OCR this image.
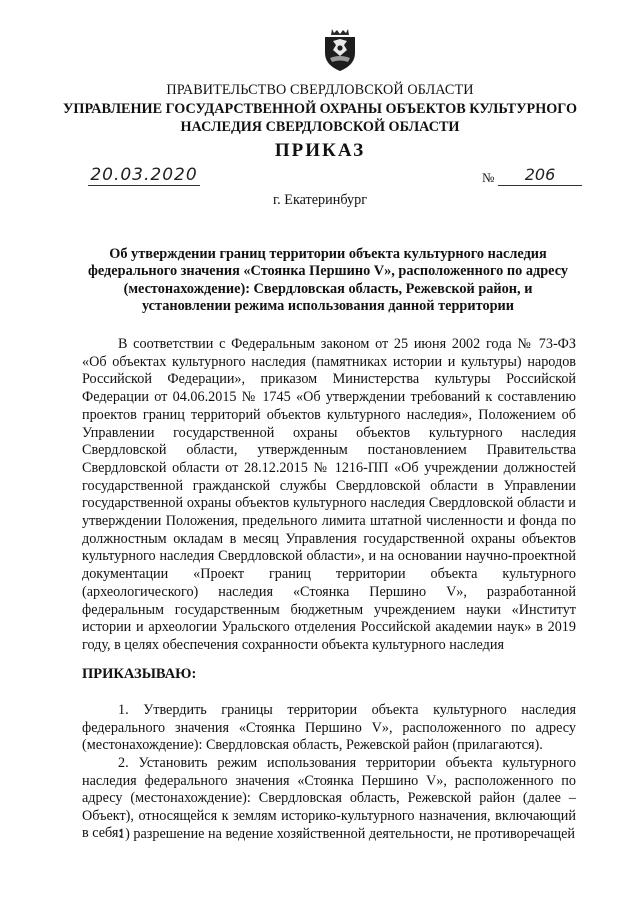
ПРАВИТЕЛЬСТВО СВЕРДЛОВСКОЙ ОБЛАСТИ
УПРАВЛЕНИЕ ГОСУДАРСТВЕННОЙ ОХРАНЫ ОБЪЕКТОВ КУЛЬТУРНОГО НАСЛЕДИЯ СВЕРДЛОВСКОЙ ОБЛАСТИ
ПРИКАЗ
20.03.2020	№	206
г. Екатеринбург
Об утверждении границ территории объекта культурного наследия федерального значения «Стоянка Першино V», расположенного по адресу (местонахождение): Свердловская область, Режевской район, и установлении режима использования данной территории

В соответствии с Федеральным законом от 25 июня 2002 года № 73-ФЗ «Об объектах культурного наследия (памятниках истории и культуры) народов Российской Федерации», приказом Министерства культуры Российской Федерации от 04.06.2015 № 1745 «Об утверждении требований к составлению проектов границ территорий объектов культурного наследия», Положением об Управлении государственной охраны объектов культурного наследия Свердловской области, утвержденным постановлением Правительства Свердловской области от 28.12.2015 № 1216-ПП «Об учреждении должностей государственной гражданской службы Свердловской области в Управлении государственной охраны объектов культурного наследия Свердловской области и утверждении Положения, предельного лимита штатной численности и фонда по должностным окладам в месяц Управления государственной охраны объектов культурного наследия Свердловской области», и на основании научно-проектной документации «Проект границ территории объекта культурного (археологического) наследия «Стоянка Першино V», разработанной федеральным государственным бюджетным учреждением науки «Институт истории и археологии Уральского отделения Российской академии наук» в 2019 году, в целях обеспечения сохранности объекта культурного наследия

ПРИКАЗЫВАЮ:

1. Утвердить границы территории объекта культурного наследия федерального значения «Стоянка Першино V», расположенного по адресу (местонахождение): Свердловская область, Режевской район (прилагаются).

2. Установить режим использования территории объекта культурного наследия федерального значения «Стоянка Першино V», расположенного по адресу (местонахождение): Свердловская область, Режевской район (далее – Объект), относящейся к землям историко-культурного назначения, включающий в себя:

1) разрешение на ведение хозяйственной деятельности, не противоречащей
